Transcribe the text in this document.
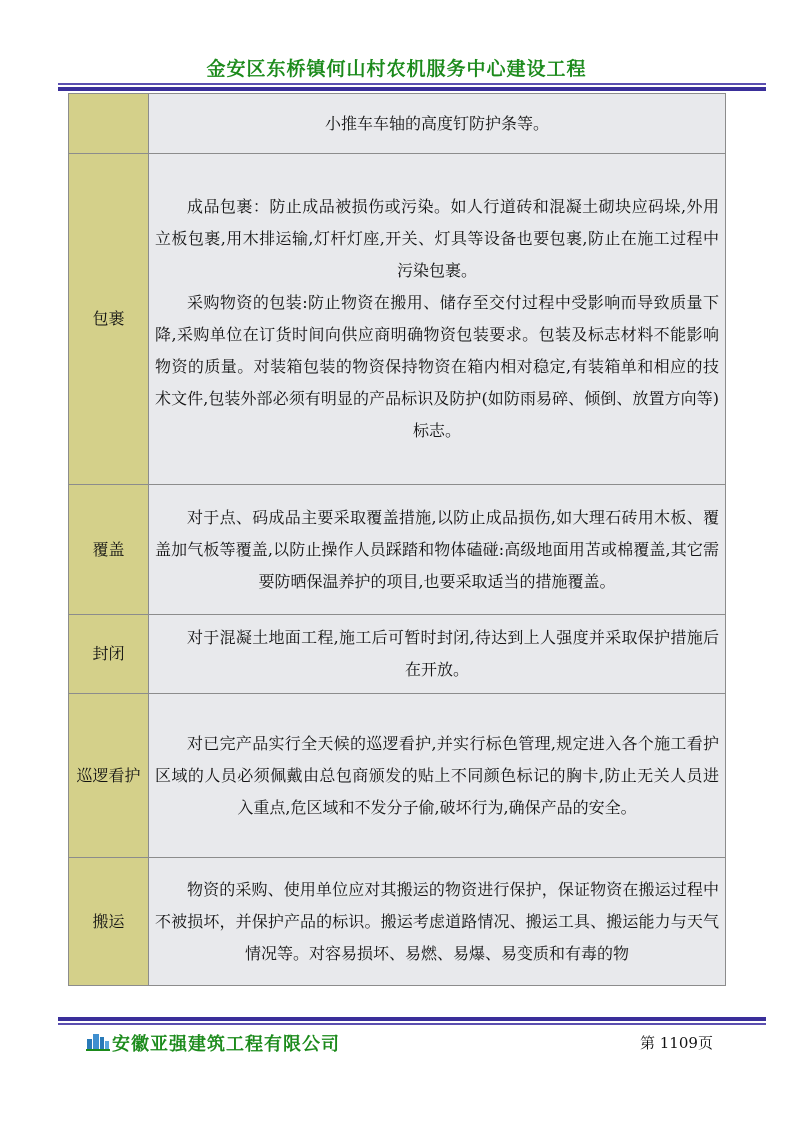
金安区东桥镇何山村农机服务中心建设工程

	小推车车轴的高度钉防护条等。

包裹	成品包裹：防止成品被损伤或污染。如人行道砖和混凝土砌块应码垛,外用立板包裹,用木排运输,灯杆灯座,开关、灯具等设备也要包裹,防止在施工过程中污染包裹。

采购物资的包装:防止物资在搬用、储存至交付过程中受影响而导致质量下降,采购单位在订货时间向供应商明确物资包装要求。包装及标志材料不能影响物资的质量。对装箱包装的物资保持物资在箱内相对稳定,有装箱单和相应的技术文件,包装外部必须有明显的产品标识及防护(如防雨易碎、倾倒、放置方向等)标志。

覆盖	对于点、码成品主要采取覆盖措施,以防止成品损伤,如大理石砖用木板、覆盖加气板等覆盖,以防止操作人员踩踏和物体磕碰:高级地面用苫或棉覆盖,其它需要防晒保温养护的项目,也要采取适当的措施覆盖。

封闭	对于混凝土地面工程,施工后可暂时封闭,待达到上人强度并采取保护措施后在开放。

巡逻看护	对已完产品实行全天候的巡逻看护,并实行标色管理,规定进入各个施工看护区域的人员必须佩戴由总包商颁发的贴上不同颜色标记的胸卡,防止无关人员进入重点,危区域和不发分子偷,破坏行为,确保产品的安全。

搬运	物资的采购、使用单位应对其搬运的物资进行保护，保证物资在搬运过程中不被损坏，并保护产品的标识。搬运考虑道路情况、搬运工具、搬运能力与天气情况等。对容易损坏、易燃、易爆、易变质和有毒的物

安徽亚强建筑工程有限公司	第 1109页
